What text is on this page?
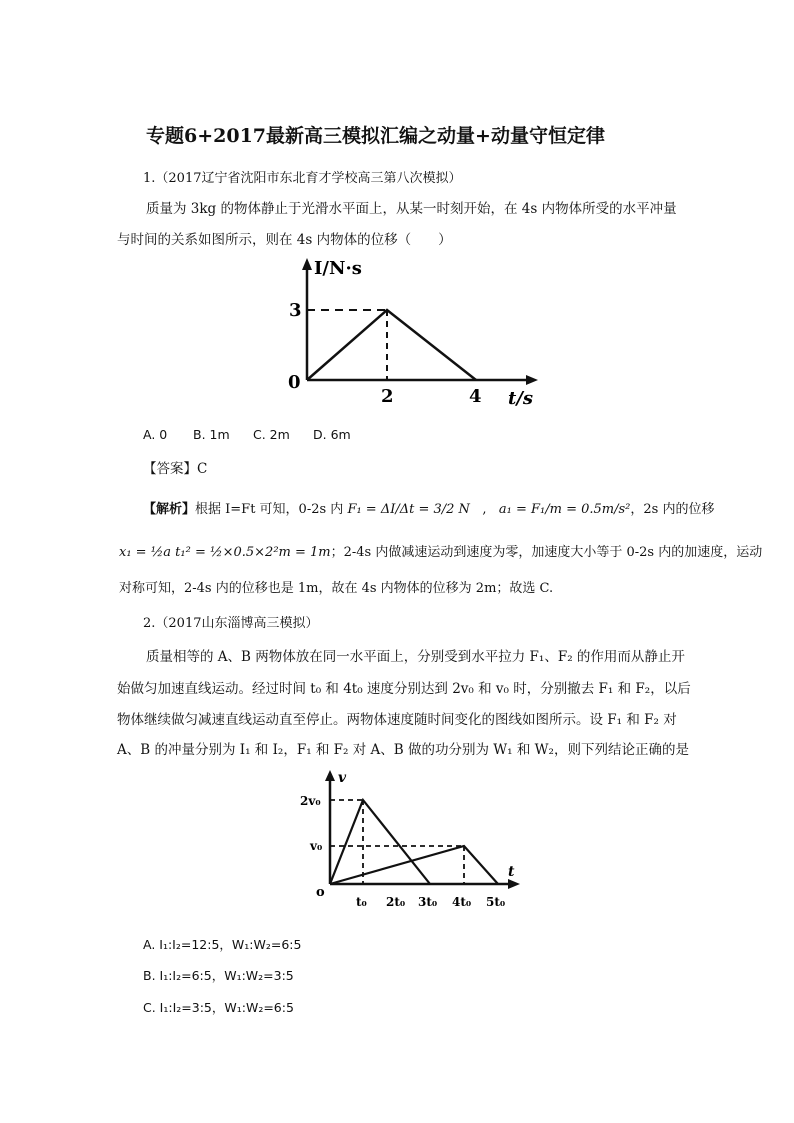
专题6+2017最新高三模拟汇编之动量+动量守恒定律
1.（2017辽宁省沈阳市东北育才学校高三第八次模拟）
质量为 3kg 的物体静止于光滑水平面上，从某一时刻开始，在 4s 内物体所受的水平冲量
与时间的关系如图所示，则在 4s 内物体的位移（　　）
I/N·s
3
0
2	4 t/s
A. 0 B. 1m C. 2m D. 6m
【答案】C
【解析】根据 I=Ft 可知，0-2s 内 F₁ = ΔI/Δt = 3/2 N   ,   a₁ = F₁/m = 0.5m/s²，2s 内的位移
x₁ = ½a t₁² = ½×0.5×2²m = 1m；2-4s 内做减速运动到速度为零，加速度大小等于 0-2s 内的加速度，运动
对称可知，2-4s 内的位移也是 1m，故在 4s 内物体的位移为 2m；故选 C.
2.（2017山东淄博高三模拟）
质量相等的 A、B 两物体放在同一水平面上，分别受到水平拉力 F₁、F₂ 的作用而从静止开
始做匀加速直线运动。经过时间 t₀ 和 4t₀ 速度分别达到 2v₀ 和 v₀ 时，分别撤去 F₁ 和 F₂，以后
物体继续做匀减速直线运动直至停止。两物体速度随时间变化的图线如图所示。设 F₁ 和 F₂ 对
A、B 的冲量分别为 I₁ 和 I₂，F₁ 和 F₂ 对 A、B 做的功分别为 W₁ 和 W₂，则下列结论正确的是
v
2v₀
v₀
o
t₀ 2t₀ 3t₀ 4t₀ 5t₀
t
A. I₁:I₂=12:5，W₁:W₂=6:5
B. I₁:I₂=6:5，W₁:W₂=3:5
C. I₁:I₂=3:5，W₁:W₂=6:5
